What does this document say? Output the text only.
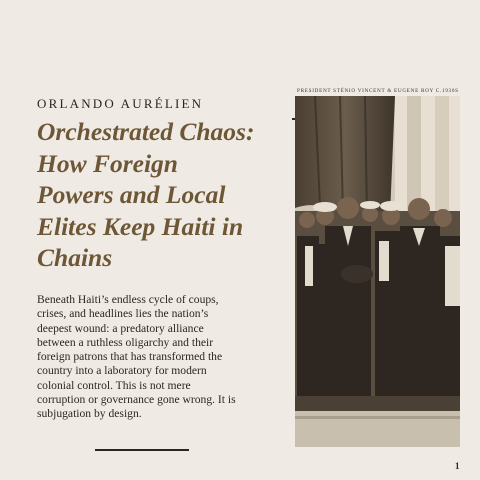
ORLANDO AURÉLIEN
Orchestrated Chaos:
How Foreign
Powers and Local
Elites Keep Haiti in
Chains
Beneath Haiti’s endless cycle of coups,
crises, and headlines lies the nation’s
deepest wound: a predatory alliance
between a ruthless oligarchy and their
foreign patrons that has transformed the
country into a laboratory for modern
colonial control. This is not mere
corruption or governance gone wrong. It is
subjugation by design.
PRESIDENT STÉNIO VINCENT & EUGENE ROY C.1930S
1
